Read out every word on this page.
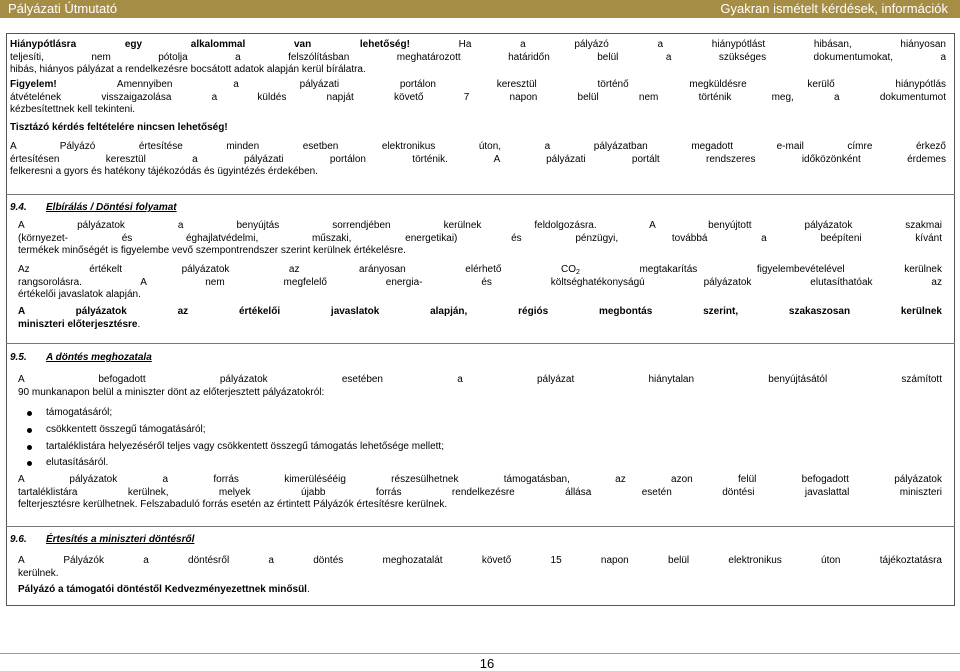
Pályázati Útmutató	Gyakran ismételt kérdések, információk
Hiánypótlásra egy alkalommal van lehetőség! Ha a pályázó a hiánypótlást hibásan, hiányosan
teljesíti, nem pótolja a felszólításban meghatározott határidőn belül a szükséges dokumentumokat, a
hibás, hiányos pályázat a rendelkezésre bocsátott adatok alapján kerül bírálatra.
Figyelem! Amennyiben a pályázati portálon keresztül történő megküldésre kerülő hiánypótlás
átvételének visszaigazolása a küldés napját követő 7 napon belül nem történik meg, a dokumentumot
kézbesítettnek kell tekinteni.
Tisztázó kérdés feltételére nincsen lehetőség!
A Pályázó értesítése minden esetben elektronikus úton, a pályázatban megadott e-mail címre érkező
értesítésen keresztül a pályázati portálon történik. A pályázati portált rendszeres időközönként érdemes
felkeresni a gyors és hatékony tájékozódás és ügyintézés érdekében.
9.4. Elbírálás / Döntési folyamat
A pályázatok a benyújtás sorrendjében kerülnek feldolgozásra. A benyújtott pályázatok szakmai
(környezet- és éghajlatvédelmi, műszaki, energetikai) és pénzügyi, továbbá a beépíteni kívánt
termékek minőségét is figyelembe vevő szempontrendszer szerint kerülnek értékelésre.
Az értékelt pályázatok az arányosan elérhető $CO_2$ megtakarítás figyelembevételével kerülnek
rangsorolásra. A nem megfelelő energia- és költséghatékonyságú pályázatok elutasíthatóak az
értékelői javaslatok alapján.
A pályázatok az értékelői javaslatok alapján, régiós megbontás szerint, szakaszosan kerülnek
miniszteri előterjesztésre.
9.5. A döntés meghozatala
A befogadott pályázatok esetében a pályázat hiánytalan benyújtásától számított
90 munkanapon belül a miniszter dönt az előterjesztett pályázatokról:
támogatásáról;
csökkentett összegű támogatásáról;
tartaléklistára helyezéséről teljes vagy csökkentett összegű támogatás lehetősége mellett;
elutasításáról.
A pályázatok a forrás kimerülésééig részesülhetnek támogatásban, az azon felül befogadott pályázatok
tartaléklistára kerülnek, melyek újabb forrás rendelkezésre állása esetén döntési javaslattal miniszteri
felterjesztésre kerülhetnek. Felszabaduló forrás esetén az értintett Pályázók értesítésre kerülnek.
9.6. Értesítés a miniszteri döntésről
A Pályázók a döntésről a döntés meghozatalát követő 15 napon belül elektronikus úton tájékoztatásra
kerülnek.
Pályázó a támogatói döntéstől Kedvezményezettnek minősül.
16
